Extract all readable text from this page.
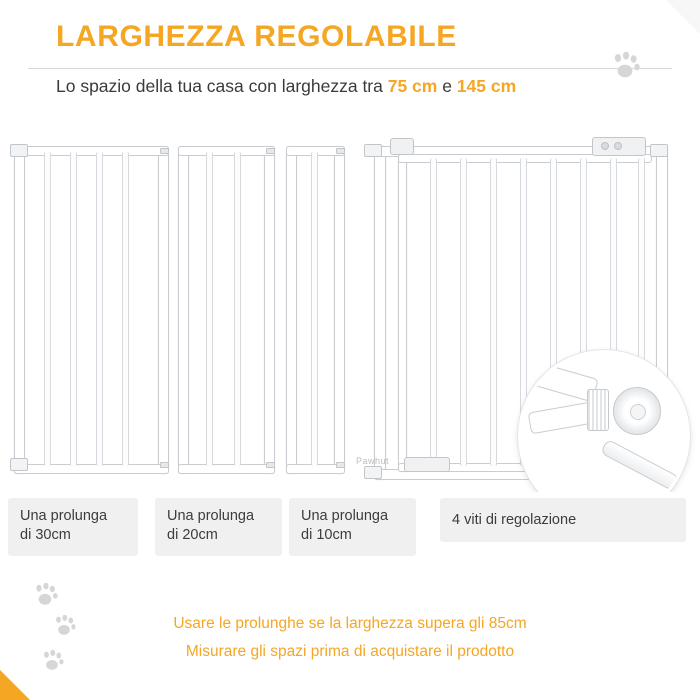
LARGHEZZA REGOLABILE
Lo spazio della tua casa con larghezza tra 75 cm e 145 cm
Pawhut
Una prolunga
di 30cm
Una prolunga
di 20cm
Una prolunga
di 10cm
4 viti di regolazione
Usare le prolunghe se la larghezza supera gli 85cm
Misurare gli spazi prima di acquistare il prodotto
